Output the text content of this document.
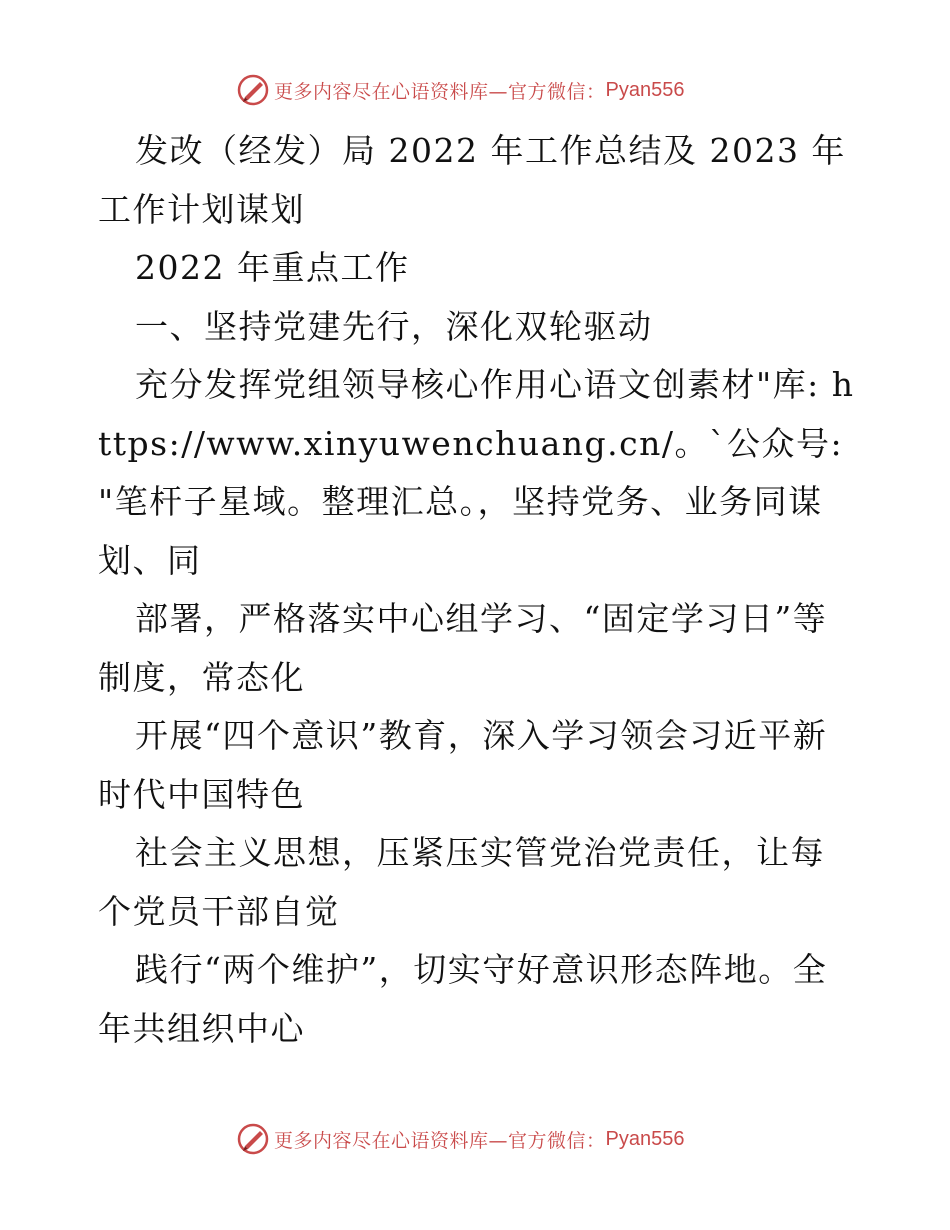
更多内容尽在心语资料库—官方微信： Pyan556

发改（经发）局 2022 年工作总结及 2023 年工作计划谋划

2022 年重点工作

一、坚持党建先行，深化双轮驱动

充分发挥党组领导核心作用心语文创素材"库: https://www.xinyuwenchuang.cn/。`公众号: "笔杆子星域。整理汇总。，坚持党务、业务同谋划、同

部署，严格落实中心组学习、“固定学习日”等制度，常态化

开展“四个意识”教育，深入学习领会习近平新时代中国特色

社会主义思想，压紧压实管党治党责任，让每个党员干部自觉

践行“两个维护”，切实守好意识形态阵地。全年共组织中心

更多内容尽在心语资料库—官方微信： Pyan556
